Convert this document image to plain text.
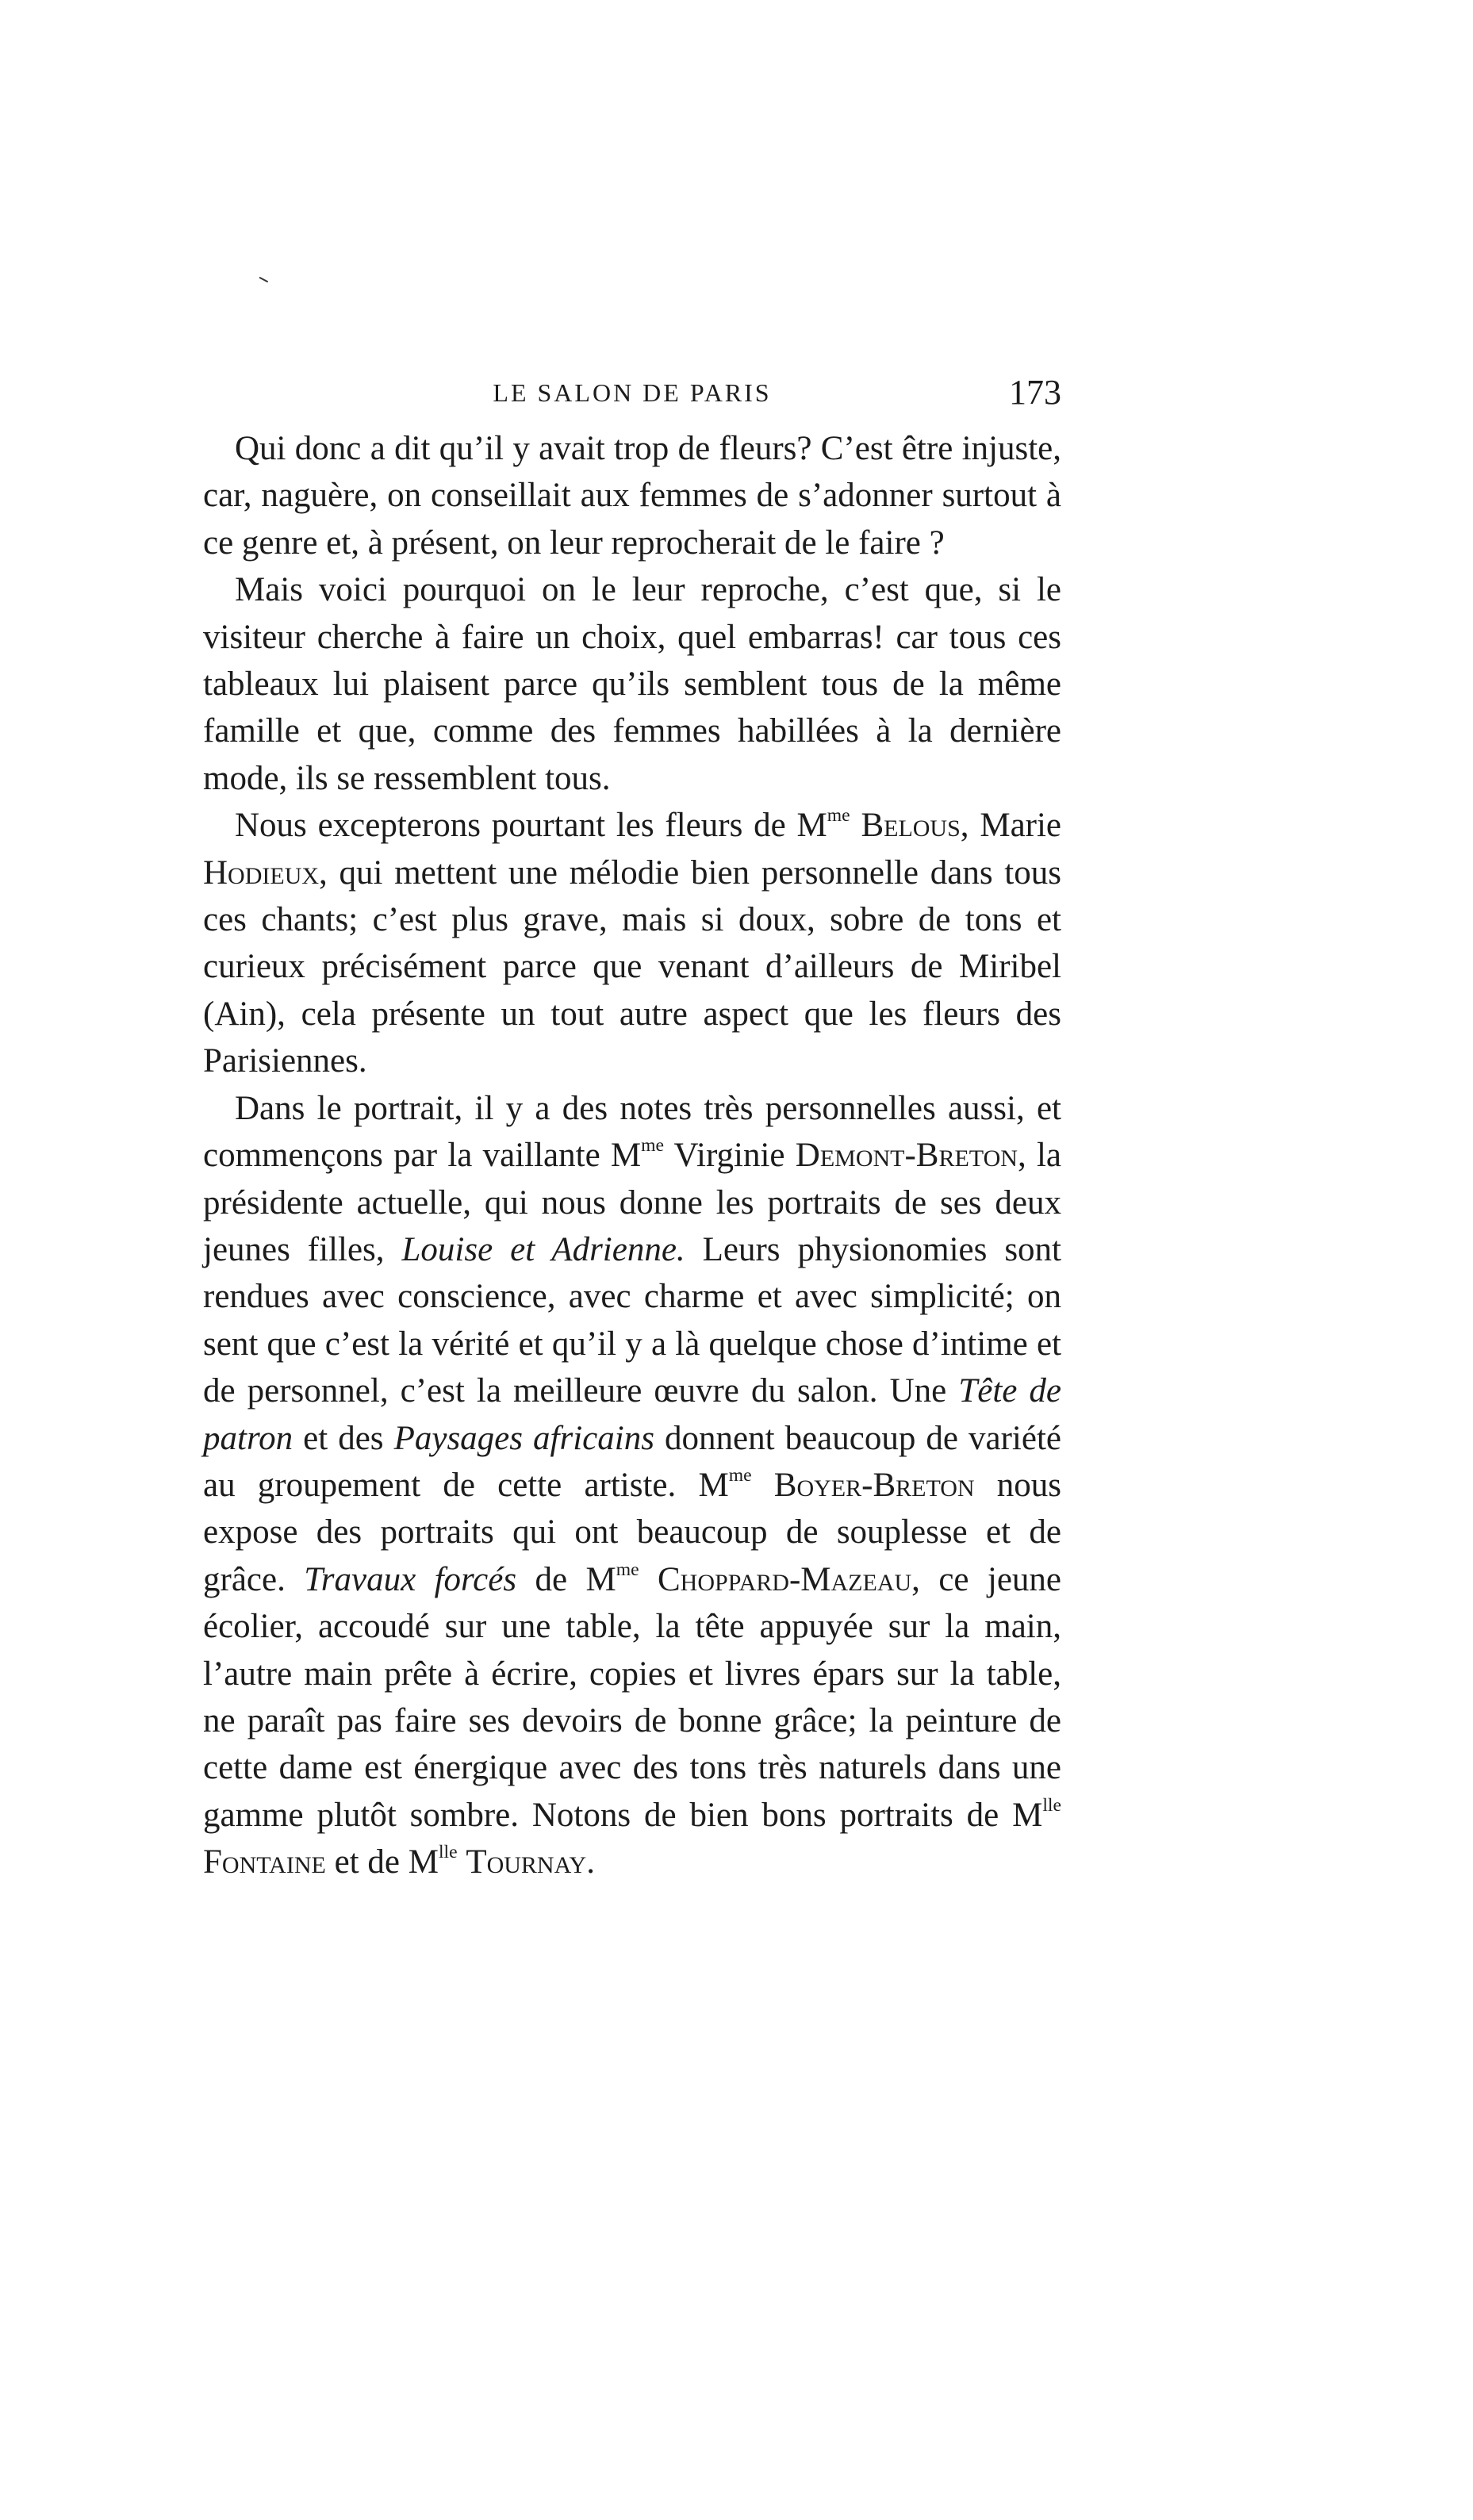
LE SALON DE PARIS	173

Qui donc a dit qu’il y avait trop de fleurs? C’est être injuste, car, naguère, on conseillait aux femmes de s’adonner surtout à ce genre et, à présent, on leur reprocherait de le faire ?

Mais voici pourquoi on le leur reproche, c’est que, si le visiteur cherche à faire un choix, quel embarras! car tous ces tableaux lui plaisent parce qu’ils semblent tous de la même famille et que, comme des femmes habillées à la dernière mode, ils se ressemblent tous.

Nous excepterons pourtant les fleurs de $M^{me}$ Belous, Marie Hodieux, qui mettent une mélodie bien personnelle dans tous ces chants; c’est plus grave, mais si doux, sobre de tons et curieux précisément parce que venant d’ailleurs de Miribel (Ain), cela présente un tout autre aspect que les fleurs des Parisiennes.

Dans le portrait, il y a des notes très personnelles aussi, et commençons par la vaillante $M^{me}$ Virginie Demont-Breton, la présidente actuelle, qui nous donne les portraits de ses deux jeunes filles, Louise et Adrienne. Leurs physionomies sont rendues avec conscience, avec charme et avec simplicité; on sent que c’est la vérité et qu’il y a là quelque chose d’intime et de personnel, c’est la meilleure œuvre du salon. Une Tête de patron et des Paysages africains donnent beaucoup de variété au groupement de cette artiste. $M^{me}$ Boyer-Breton nous expose des portraits qui ont beaucoup de souplesse et de grâce. Travaux forcés de $M^{me}$ Choppard-Mazeau, ce jeune écolier, accoudé sur une table, la tête appuyée sur la main, l’autre main prête à écrire, copies et livres épars sur la table, ne paraît pas faire ses devoirs de bonne grâce; la peinture de cette dame est énergique avec des tons très naturels dans une gamme plutôt sombre. Notons de bien bons portraits de $M^{lle}$ Fontaine et de $M^{lle}$ Tournay.
